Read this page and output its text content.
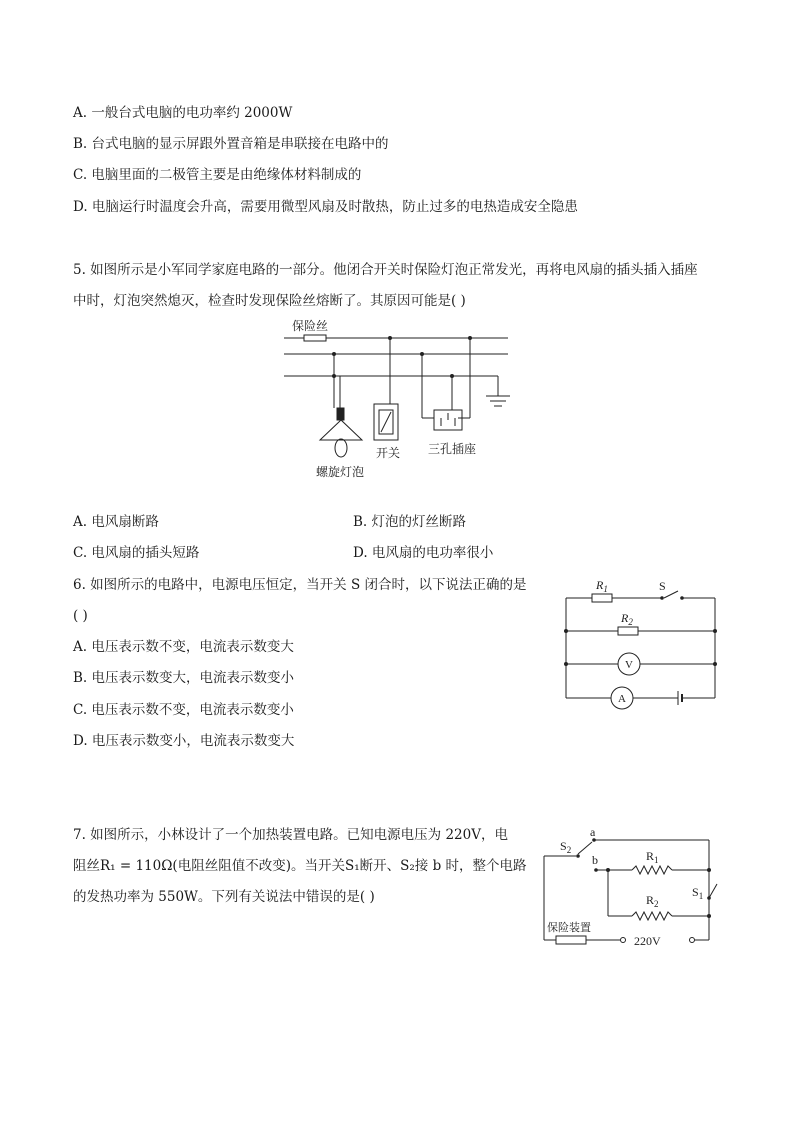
A. 一般台式电脑的电功率约 2000W
B. 台式电脑的显示屏跟外置音箱是串联接在电路中的
C. 电脑里面的二极管主要是由绝缘体材料制成的
D. 电脑运行时温度会升高，需要用微型风扇及时散热，防止过多的电热造成安全隐患
5. 如图所示是小军同学家庭电路的一部分。他闭合开关时保险灯泡正常发光，再将电风扇的插头插入插座
中时，灯泡突然熄灭，检查时发现保险丝熔断了。其原因可能是( )
保险丝
开关 三孔插座
螺旋灯泡
A. 电风扇断路	B. 灯泡的灯丝断路
C. 电风扇的插头短路	D. 电风扇的电功率很小
6. 如图所示的电路中，电源电压恒定，当开关 S 闭合时，以下说法正确的是
( )
A. 电压表示数不变，电流表示数变大
B. 电压表示数变大，电流表示数变小
C. 电压表示数不变，电流表示数变小
D. 电压表示数变小，电流表示数变大
$R_1$	S
$R_2$
V
A
7. 如图所示，小林设计了一个加热装置电路。已知电源电压为 220V，电
阻丝R₁ = 110Ω(电阻丝阻值不改变)。当开关S₁断开、S₂接 b 时，整个电路
的发热功率为 550W。下列有关说法中错误的是( )
$S_2$
a
b	$R_1$
$R_2$
$S_1$
保险装置
220V
